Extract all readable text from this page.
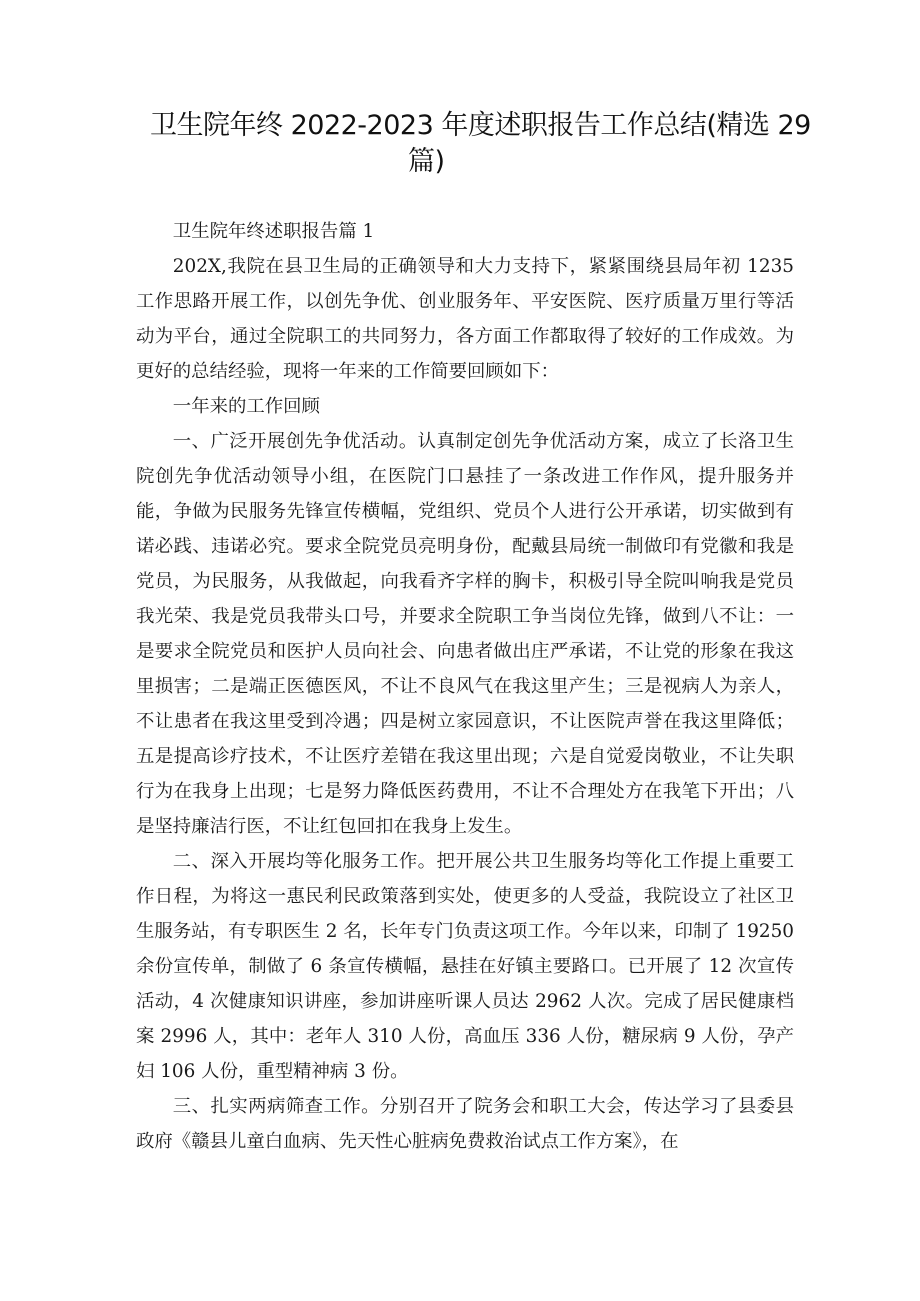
卫生院年终 2022-2023 年度述职报告工作总结(精选 29
篇)

卫生院年终述职报告篇 1

202X,我院在县卫生局的正确领导和大力支持下，紧紧围绕县局年初 1235 工作思路开展工作，以创先争优、创业服务年、平安医院、医疗质量万里行等活动为平台，通过全院职工的共同努力，各方面工作都取得了较好的工作成效。为更好的总结经验，现将一年来的工作简要回顾如下：

一年来的工作回顾

一、广泛开展创先争优活动。认真制定创先争优活动方案，成立了长洛卫生院创先争优活动领导小组，在医院门口悬挂了一条改进工作作风，提升服务并能，争做为民服务先锋宣传横幅，党组织、党员个人进行公开承诺，切实做到有诺必践、违诺必究。要求全院党员亮明身份，配戴县局统一制做印有党徽和我是党员，为民服务，从我做起，向我看齐字样的胸卡，积极引导全院叫响我是党员我光荣、我是党员我带头口号，并要求全院职工争当岗位先锋，做到八不让：一是要求全院党员和医护人员向社会、向患者做出庄严承诺，不让党的形象在我这里损害；二是端正医德医风，不让不良风气在我这里产生；三是视病人为亲人，不让患者在我这里受到冷遇；四是树立家园意识，不让医院声誉在我这里降低；五是提高诊疗技术，不让医疗差错在我这里出现；六是自觉爱岗敬业，不让失职行为在我身上出现；七是努力降低医药费用，不让不合理处方在我笔下开出；八是坚持廉洁行医，不让红包回扣在我身上发生。

二、深入开展均等化服务工作。把开展公共卫生服务均等化工作提上重要工作日程，为将这一惠民利民政策落到实处，使更多的人受益，我院设立了社区卫生服务站，有专职医生 2 名，长年专门负责这项工作。今年以来，印制了 19250 余份宣传单，制做了 6 条宣传横幅，悬挂在好镇主要路口。已开展了 12 次宣传活动，4 次健康知识讲座，参加讲座听课人员达 2962 人次。完成了居民健康档案 2996 人，其中：老年人 310 人份，高血压 336 人份，糖尿病 9 人份，孕产妇 106 人份，重型精神病 3 份。

三、扎实两病筛查工作。分别召开了院务会和职工大会，传达学习了县委县政府《赣县儿童白血病、先天性心脏病免费救治试点工作方案》，在
